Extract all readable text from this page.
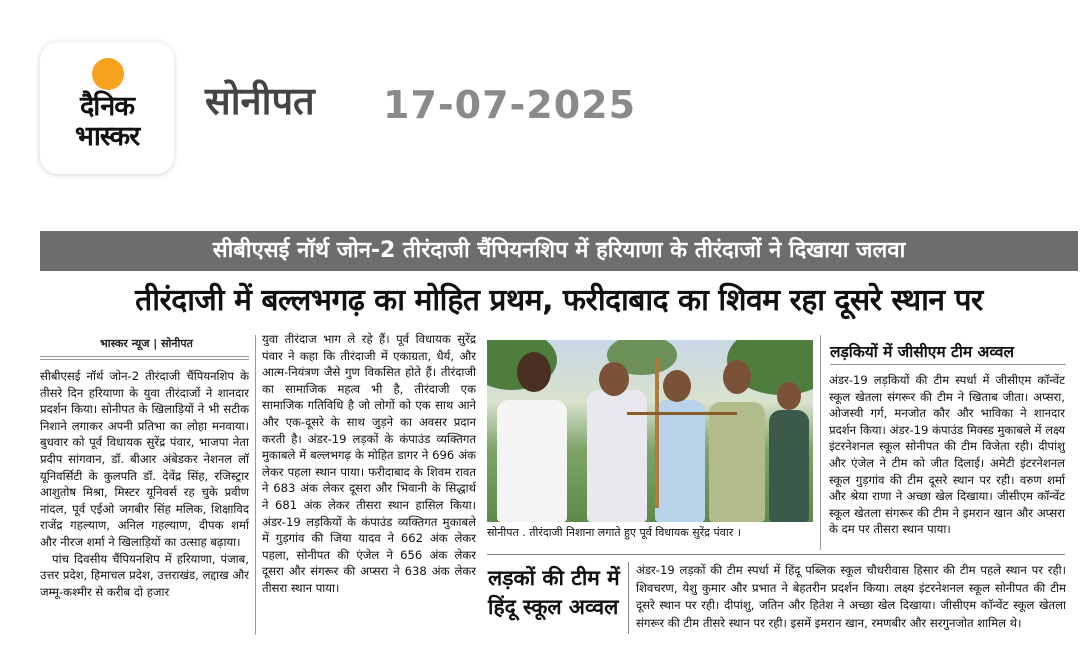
दैनिक
भास्कर
सोनीपत 17-07-2025
सीबीएसई नॉर्थ जोन-2 तीरंदाजी चैंपियनशिप में हरियाणा के तीरंदाजों ने दिखाया जलवा
तीरंदाजी में बल्लभगढ़ का मोहित प्रथम, फरीदाबाद का शिवम रहा दूसरे स्थान पर
भास्कर न्यूज | सोनीपत

सीबीएसई नॉर्थ जोन-2 तीरंदाजी चैंपियनशिप के तीसरे दिन हरियाणा के युवा तीरंदाजों ने शानदार प्रदर्शन किया। सोनीपत के खिलाड़ियों ने भी सटीक निशाने लगाकर अपनी प्रतिभा का लोहा मनवाया। बुधवार को पूर्व विधायक सुरेंद्र पंवार, भाजपा नेता प्रदीप सांगवान, डॉ. बीआर अंबेडकर नेशनल लॉ यूनिवर्सिटी के कुलपति डॉ. देवेंद्र सिंह, रजिस्ट्रार आशुतोष मिश्रा, मिस्टर यूनिवर्स रह चुके प्रवीण नांदल, पूर्व एईओ जगबीर सिंह मलिक, शिक्षाविद राजेंद्र गहल्याण, अनिल गहल्याण, दीपक शर्मा और नीरज शर्मा ने खिलाड़ियों का उत्साह बढ़ाया।

पांच दिवसीय चैंपियनशिप में हरियाणा, पंजाब, उत्तर प्रदेश, हिमाचल प्रदेश, उत्तराखंड, लद्दाख और जम्मू-कश्मीर से करीब दो हजार

युवा तीरंदाज भाग ले रहे हैं। पूर्व विधायक सुरेंद्र पंवार ने कहा कि तीरंदाजी में एकाग्रता, धैर्य, और आत्म-नियंत्रण जैसे गुण विकसित होते हैं। तीरंदाजी का सामाजिक महत्व भी है, तीरंदाजी एक सामाजिक गतिविधि है जो लोगों को एक साथ आने और एक-दूसरे के साथ जुड़ने का अवसर प्रदान करती है। अंडर-19 लड़कों के कंपाउंड व्यक्तिगत मुकाबले में बल्लभगढ़ के मोहित डागर ने 696 अंक लेकर पहला स्थान पाया। फरीदाबाद के शिवम रावत ने 683 अंक लेकर दूसरा और भिवानी के सिद्धार्थ ने 681 अंक लेकर तीसरा स्थान हासिल किया। अंडर-19 लड़कियों के कंपाउंड व्यक्तिगत मुकाबले में गुड़गांव की जिया यादव ने 662 अंक लेकर पहला, सोनीपत की एंजेल ने 656 अंक लेकर दूसरा और संगरूर की अप्सरा ने 638 अंक लेकर तीसरा स्थान पाया।

सोनीपत . तीरंदाजी निशाना लगाते हुए पूर्व विधायक सुरेंद्र पंवार ।
लड़कियों में जीसीएम टीम अव्वल
अंडर-19 लड़कियों की टीम स्पर्धा में जीसीएम कॉन्वेंट स्कूल खेतला संगरूर की टीम ने खिताब जीता। अप्सरा, ओजस्वी गर्ग, मनजोत कौर और भाविका ने शानदार प्रदर्शन किया। अंडर-19 कंपाउंड मिक्स्ड मुकाबले में लक्ष्य इंटरनेशनल स्कूल सोनीपत की टीम विजेता रही। दीपांशु और एंजेल ने टीम को जीत दिलाई। अमेटी इंटरनेशनल स्कूल गुड़गांव की टीम दूसरे स्थान पर रही। वरुण शर्मा और श्रेया राणा ने अच्छा खेल दिखाया। जीसीएम कॉन्वेंट स्कूल खेतला संगरूर की टीम ने इमरान खान और अप्सरा के दम पर तीसरा स्थान पाया।
लड़कों की टीम में हिंदू स्कूल अव्वल
अंडर-19 लड़कों की टीम स्पर्धा में हिंदू पब्लिक स्कूल चौधरीवास हिसार की टीम पहले स्थान पर रही। शिवचरण, येशु कुमार और प्रभात ने बेहतरीन प्रदर्शन किया। लक्ष्य इंटरनेशनल स्कूल सोनीपत की टीम दूसरे स्थान पर रही। दीपांशु, जतिन और हितेश ने अच्छा खेल दिखाया। जीसीएम कॉन्वेंट स्कूल खेतला संगरूर की टीम तीसरे स्थान पर रही। इसमें इमरान खान, रमणबीर और सरगुनजोत शामिल थे।
